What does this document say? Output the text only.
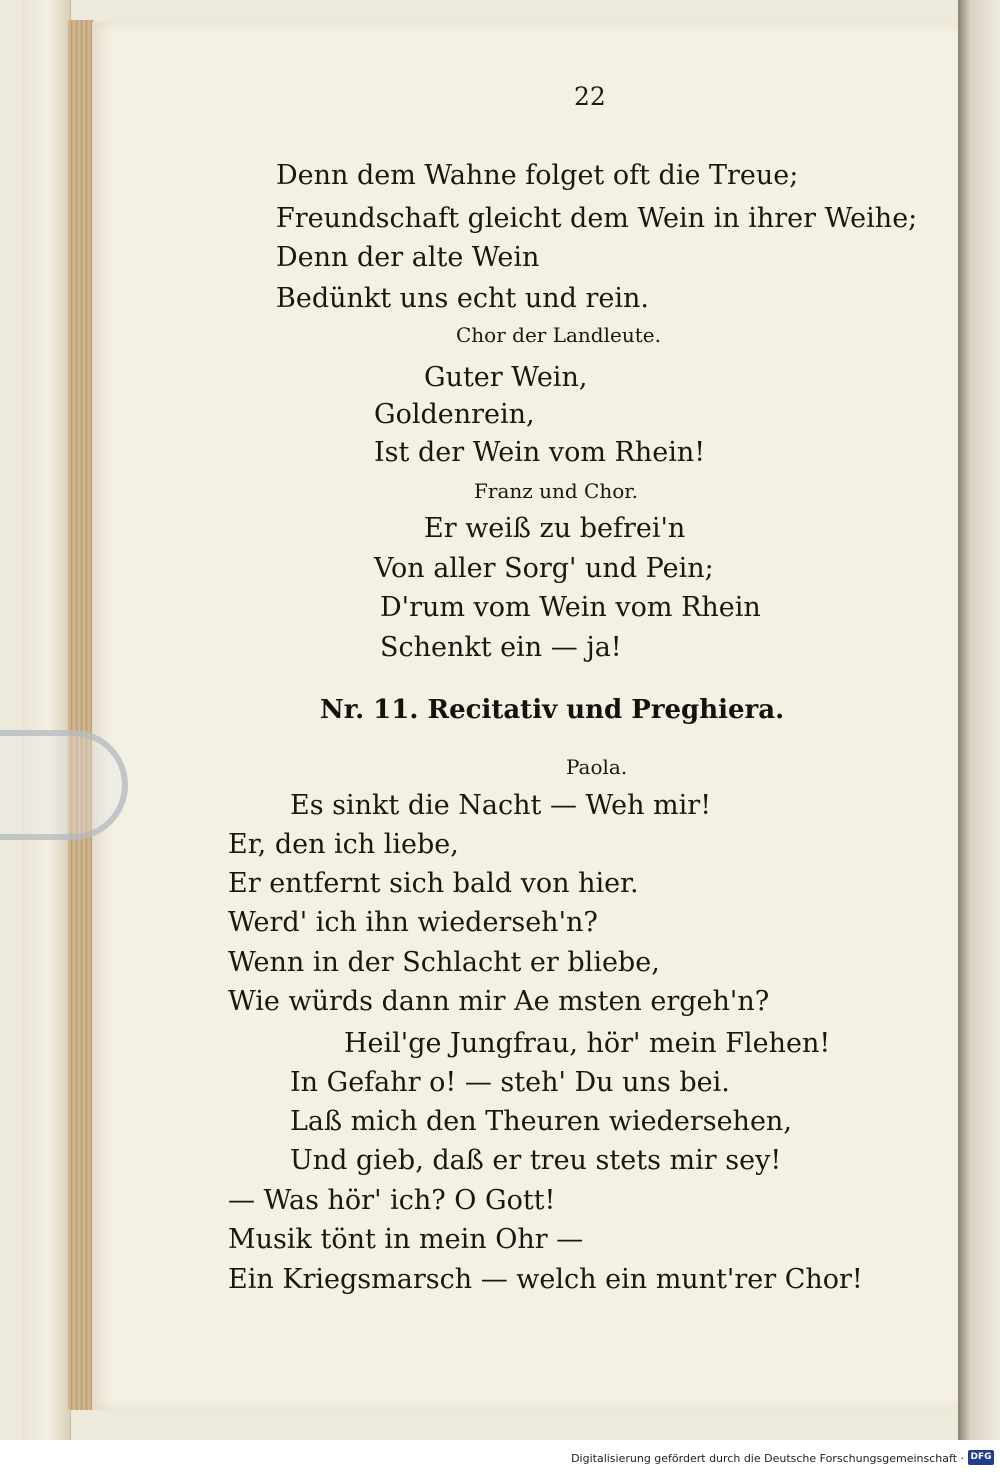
22
Denn dem Wahne folget oft die Treue;
Freundschaft gleicht dem Wein in ihrer Weihe;
Denn der alte Wein
Bedünkt uns echt und rein.
Chor der Landleute.
Guter Wein,
Goldenrein,
Ist der Wein vom Rhein!
Franz und Chor.
Er weiß zu befrei'n
Von aller Sorg' und Pein;
D'rum vom Wein vom Rhein
Schenkt ein — ja!
Nr. 11. Recitativ und Preghiera.
Paola.
Es sinkt die Nacht — Weh mir!
Er, den ich liebe,
Er entfernt sich bald von hier.
Werd' ich ihn wiederseh'n?
Wenn in der Schlacht er bliebe,
Wie würds dann mir Ae msten ergeh'n?
Heil'ge Jungfrau, hör' mein Flehen!
In Gefahr o! — steh' Du uns bei.
Laß mich den Theuren wiedersehen,
Und gieb, daß er treu stets mir sey!
— Was hör' ich? O Gott!
Musik tönt in mein Ohr —
Ein Kriegsmarsch — welch ein munt'rer Chor!
Digitalisierung gefördert durch die Deutsche Forschungsgemeinschaft · DFG
